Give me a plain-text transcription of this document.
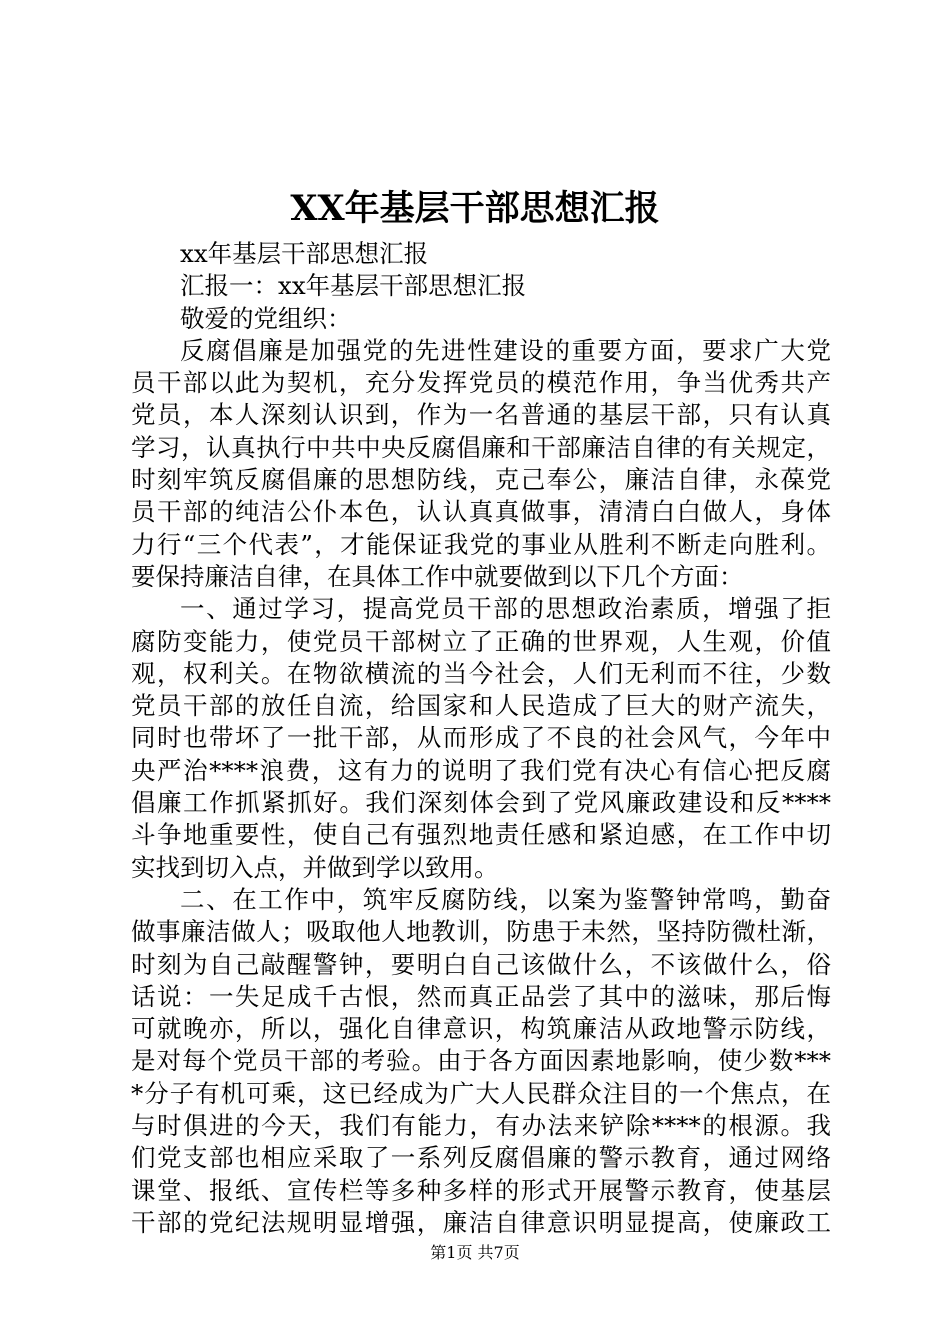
XX年基层干部思想汇报
xx年基层干部思想汇报
汇报一：xx年基层干部思想汇报
敬爱的党组织：
反腐倡廉是加强党的先进性建设的重要方面，要求广大党
员干部以此为契机，充分发挥党员的模范作用，争当优秀共产
党员，本人深刻认识到，作为一名普通的基层干部，只有认真
学习，认真执行中共中央反腐倡廉和干部廉洁自律的有关规定，
时刻牢筑反腐倡廉的思想防线，克己奉公，廉洁自律，永葆党
员干部的纯洁公仆本色，认认真真做事，清清白白做人，身体
力行“三个代表”，才能保证我党的事业从胜利不断走向胜利。
要保持廉洁自律，在具体工作中就要做到以下几个方面：
一、通过学习，提高党员干部的思想政治素质，增强了拒
腐防变能力，使党员干部树立了正确的世界观，人生观，价值
观，权利关。在物欲横流的当今社会，人们无利而不往，少数
党员干部的放任自流，给国家和人民造成了巨大的财产流失，
同时也带坏了一批干部，从而形成了不良的社会风气，今年中
央严治****浪费，这有力的说明了我们党有决心有信心把反腐
倡廉工作抓紧抓好。我们深刻体会到了党风廉政建设和反****
斗争地重要性，使自己有强烈地责任感和紧迫感，在工作中切
实找到切入点，并做到学以致用。
二、在工作中，筑牢反腐防线，以案为鉴警钟常鸣，勤奋
做事廉洁做人；吸取他人地教训，防患于未然，坚持防微杜渐，
时刻为自己敲醒警钟，要明白自己该做什么，不该做什么，俗
话说：一失足成千古恨，然而真正品尝了其中的滋味，那后悔
可就晚亦，所以，强化自律意识，构筑廉洁从政地警示防线，
是对每个党员干部的考验。由于各方面因素地影响，使少数***
*分子有机可乘，这已经成为广大人民群众注目的一个焦点，在
与时俱进的今天，我们有能力，有办法来铲除****的根源。我
们党支部也相应采取了一系列反腐倡廉的警示教育，通过网络
课堂、报纸、宣传栏等多种多样的形式开展警示教育，使基层
干部的党纪法规明显增强，廉洁自律意识明显提高，使廉政工
第1页 共7页
